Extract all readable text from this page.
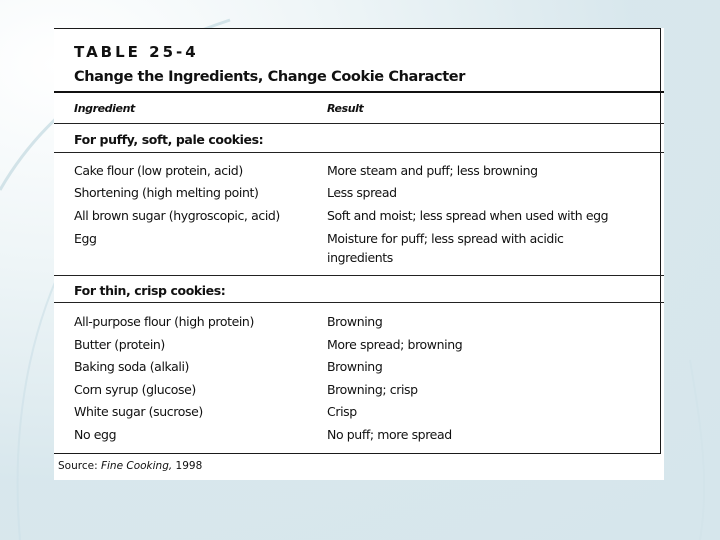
TABLE 25-4
Change the Ingredients, Change Cookie Character
Ingredient	Result
For puffy, soft, pale cookies:
Cake flour (low protein, acid)	More steam and puff; less browning
Shortening (high melting point)	Less spread
All brown sugar (hygroscopic, acid)	Soft and moist; less spread when used with egg
Egg	Moisture for puff; less spread with acidic ingredients
For thin, crisp cookies:
All-purpose flour (high protein)	Browning
Butter (protein)	More spread; browning
Baking soda (alkali)	Browning
Corn syrup (glucose)	Browning; crisp
White sugar (sucrose)	Crisp
No egg	No puff; more spread
Source: Fine Cooking, 1998
